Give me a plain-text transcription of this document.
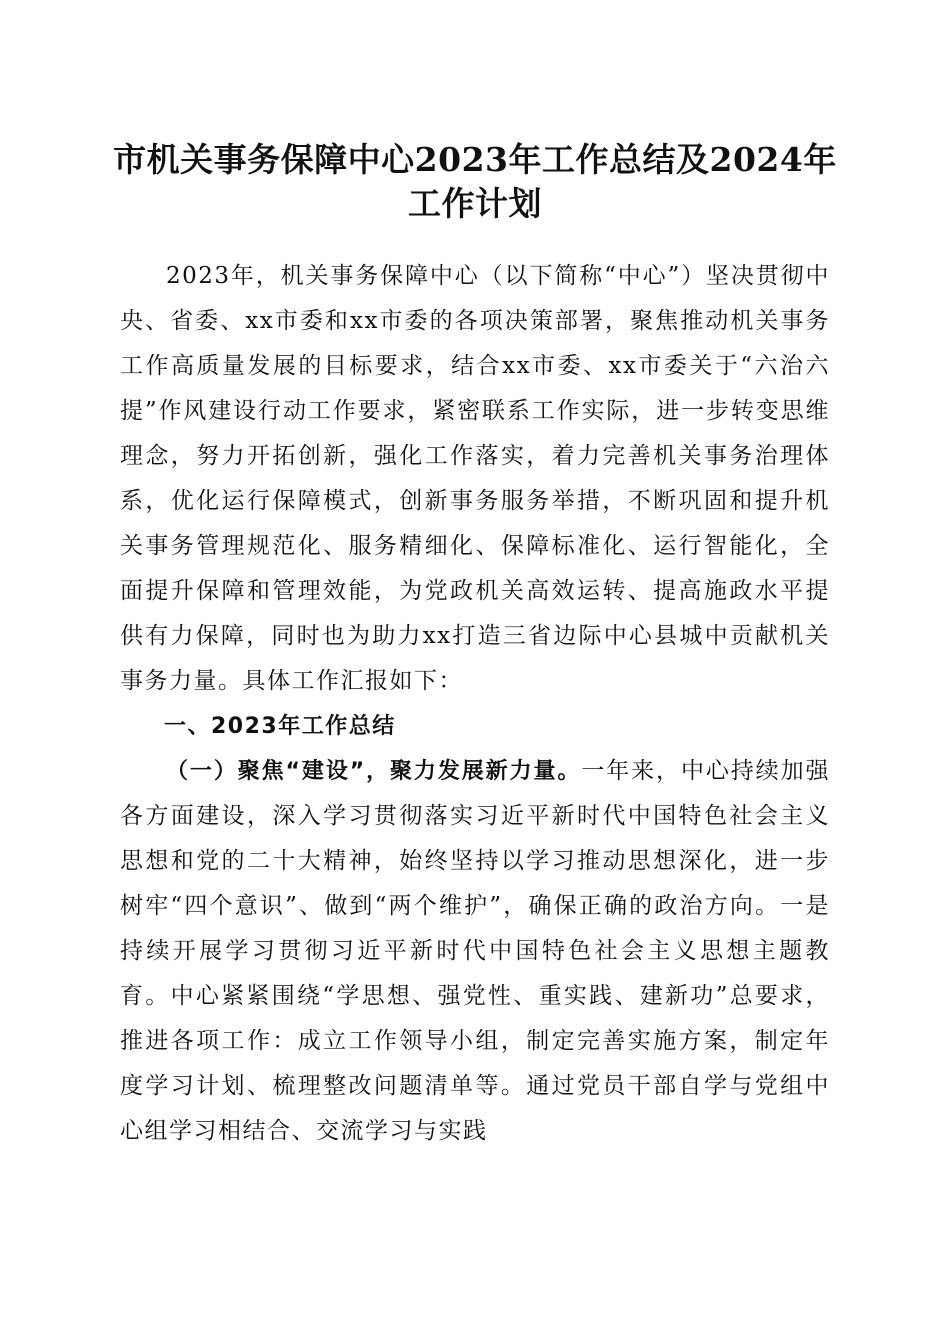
市机关事务保障中心2023年工作总结及2024年工作计划

2023年，机关事务保障中心（以下简称“中心”）坚决贯彻中央、省委、xx市委和xx市委的各项决策部署，聚焦推动机关事务工作高质量发展的目标要求，结合xx市委、xx市委关于“六治六提”作风建设行动工作要求，紧密联系工作实际，进一步转变思维理念，努力开拓创新，强化工作落实，着力完善机关事务治理体系，优化运行保障模式，创新事务服务举措，不断巩固和提升机关事务管理规范化、服务精细化、保障标准化、运行智能化，全面提升保障和管理效能，为党政机关高效运转、提高施政水平提供有力保障，同时也为助力xx打造三省边际中心县城中贡献机关事务力量。具体工作汇报如下：

一、2023年工作总结

（一）聚焦“建设”，聚力发展新力量。一年来，中心持续加强各方面建设，深入学习贯彻落实习近平新时代中国特色社会主义思想和党的二十大精神，始终坚持以学习推动思想深化，进一步树牢“四个意识”、做到“两个维护”，确保正确的政治方向。一是持续开展学习贯彻习近平新时代中国特色社会主义思想主题教育。中心紧紧围绕“学思想、强党性、重实践、建新功”总要求，推进各项工作：成立工作领导小组，制定完善实施方案，制定年度学习计划、梳理整改问题清单等。通过党员干部自学与党组中心组学习相结合、交流学习与实践
